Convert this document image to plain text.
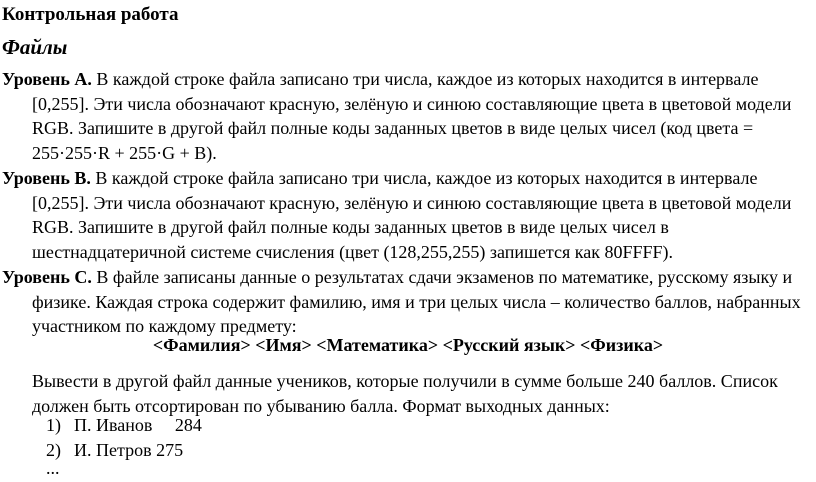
Контрольная работа
Файлы

Уровень А. В каждой строке файла записано три числа, каждое из которых находится в интервале [0,255]. Эти числа обозначают красную, зелёную и синюю составляющие цвета в цветовой модели RGB. Запишите в другой файл полные коды заданных цветов в виде целых чисел (код цвета = 255·255·R + 255·G + B).

Уровень В. В каждой строке файла записано три числа, каждое из которых находится в интервале [0,255]. Эти числа обозначают красную, зелёную и синюю составляющие цвета в цветовой модели RGB. Запишите в другой файл полные коды заданных цветов в виде целых чисел в шестнадцатеричной системе счисления (цвет (128,255,255) запишется как 80FFFF).

Уровень С. В файле записаны данные о результатах сдачи экзаменов по математике, русскому языку и физике. Каждая строка содержит фамилию, имя и три целых числа – количество баллов, набранных участником по каждому предмету:

<Фамилия> <Имя> <Математика> <Русский язык> <Физика>

Вывести в другой файл данные учеников, которые получили в сумме больше 240 баллов. Список должен быть отсортирован по убыванию балла. Формат выходных данных:

1) П. Иванов     284
2) И. Петров 275

...
